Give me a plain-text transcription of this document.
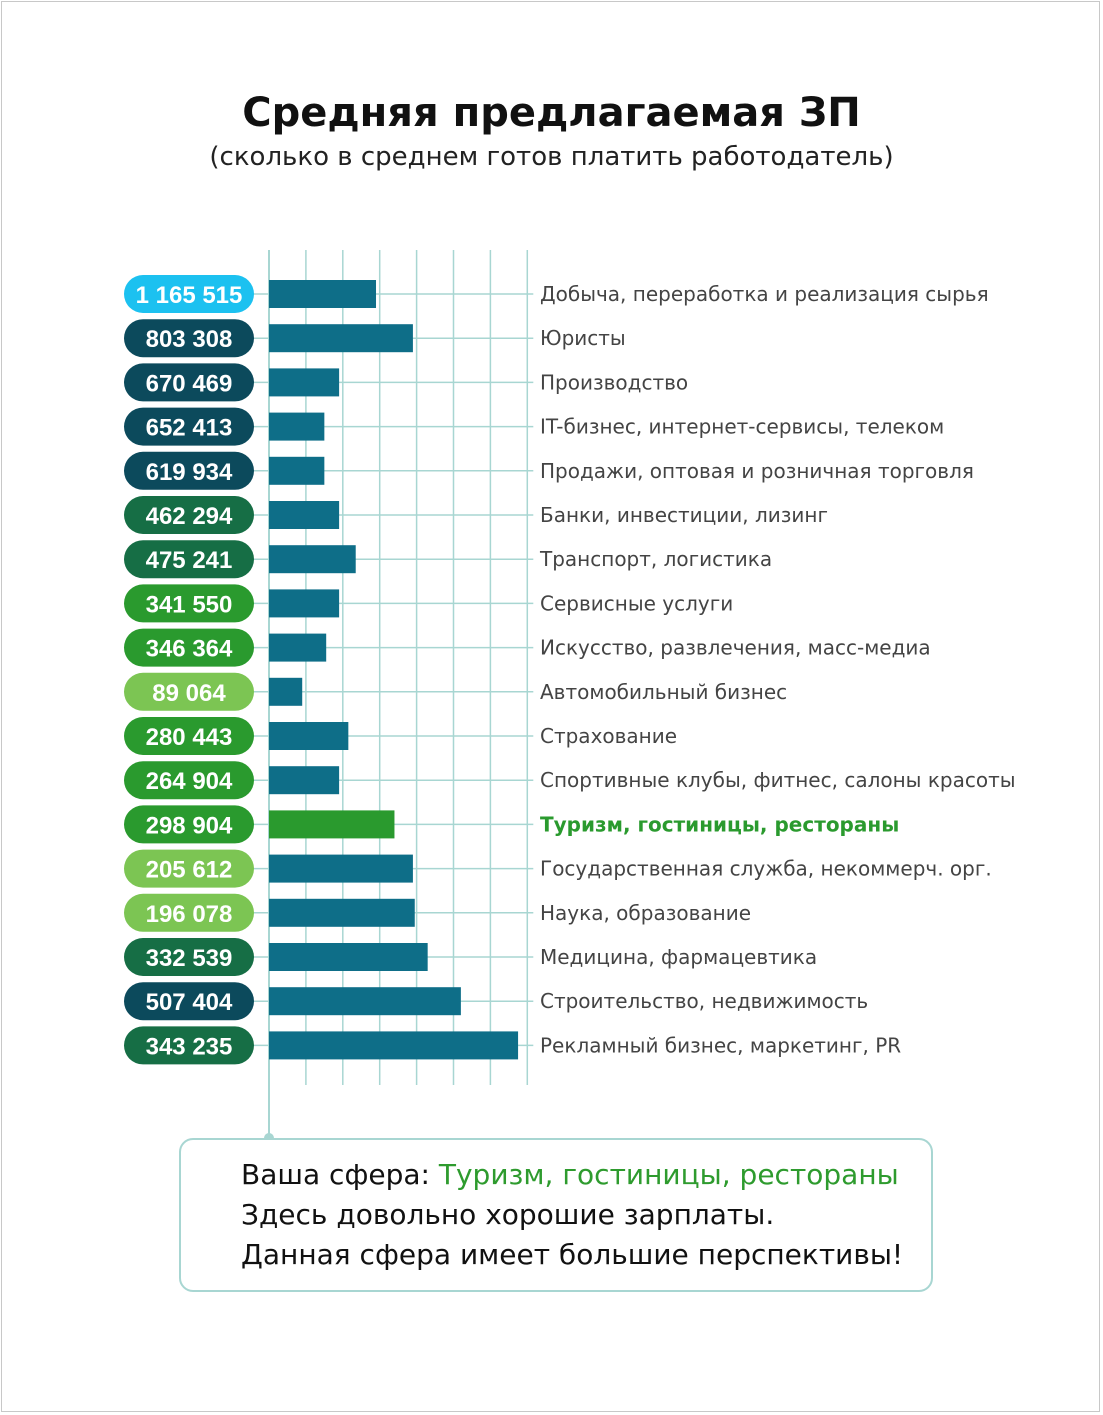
Средняя предлагаемая ЗП
(сколько в среднем готов платить работодатель)
1 165 515	Добыча, переработка и реализация сырья
803 308	Юристы
670 469	Производство
652 413	IT-бизнес, интернет-сервисы, телеком
619 934	Продажи, оптовая и розничная торговля
462 294	Банки, инвестиции, лизинг
475 241	Транспорт, логистика
341 550	Сервисные услуги
346 364	Искусство, развлечения, масс-медиа
89 064	Автомобильный бизнес
280 443	Страхование
264 904	Спортивные клубы, фитнес, салоны красоты
298 904	Туризм, гостиницы, рестораны
205 612	Государственная служба, некоммерч. орг.
196 078	Наука, образование
332 539	Медицина, фармацевтика
507 404	Строительство, недвижимость
343 235	Рекламный бизнес, маркетинг, PR
Ваша сфера: Туризм, гостиницы, рестораны
Здесь довольно хорошие зарплаты.
Данная сфера имеет большие перспективы!
